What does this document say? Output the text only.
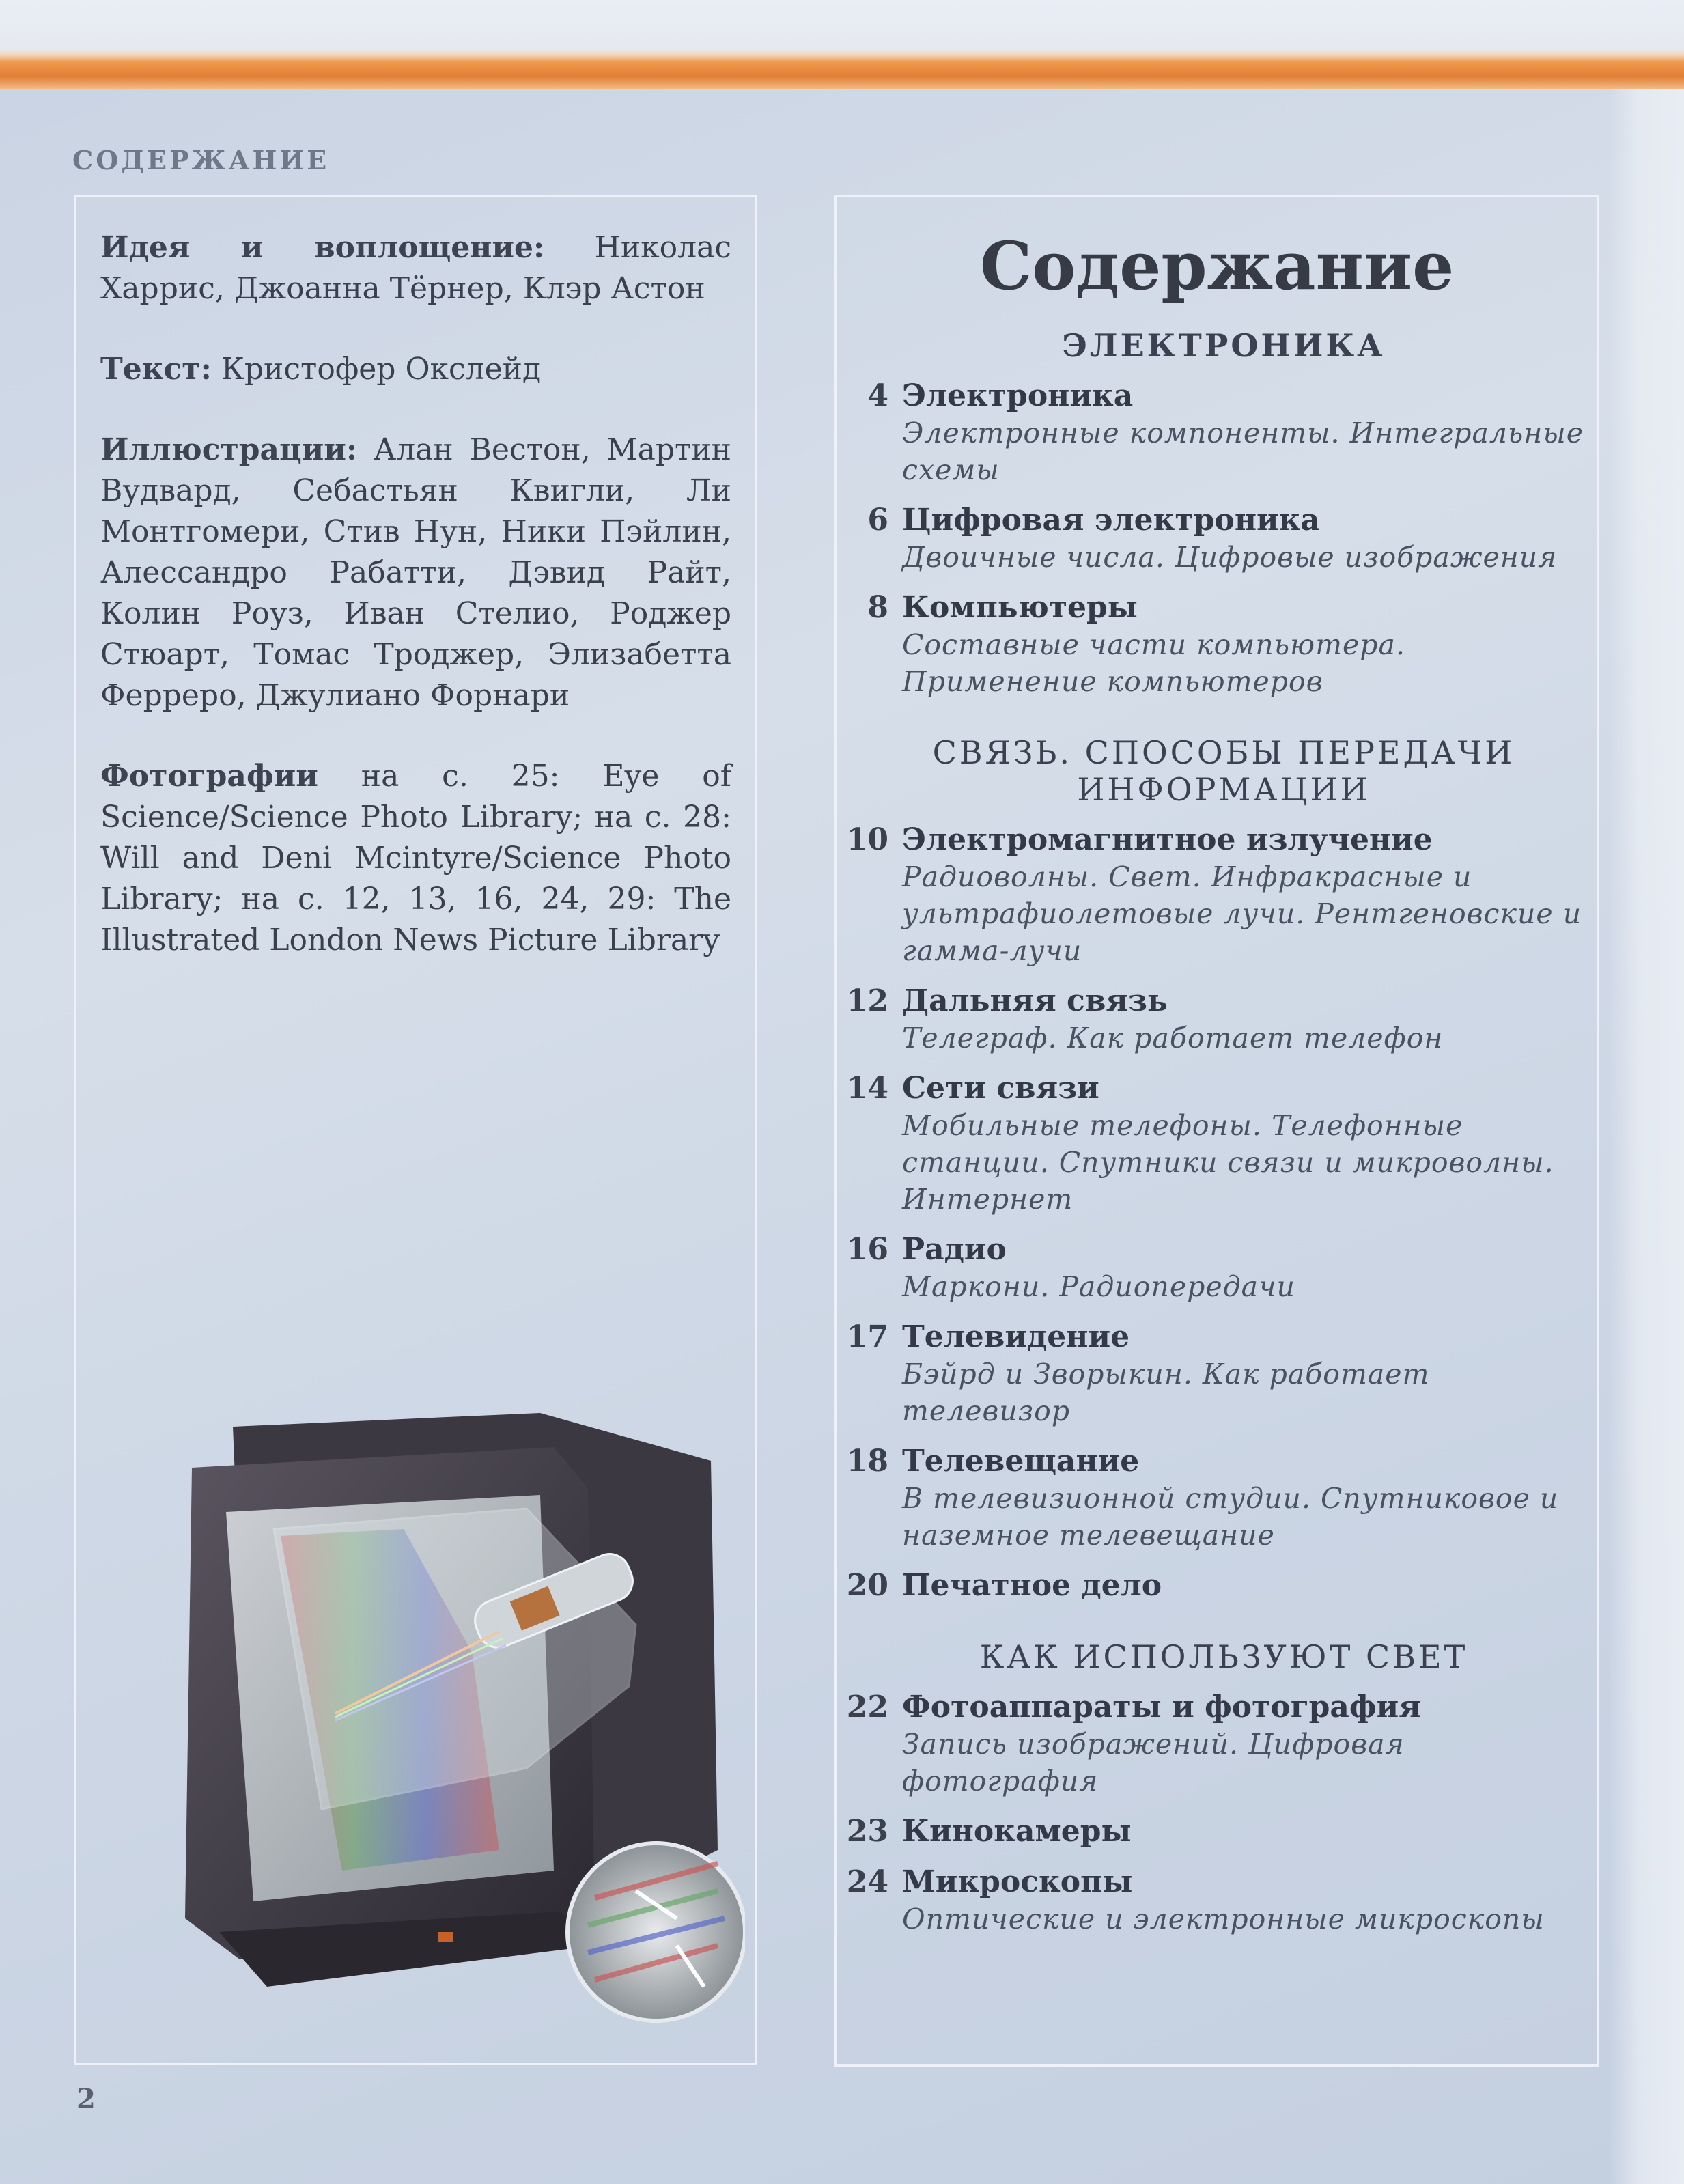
СОДЕРЖАНИЕ

Идея и воплощение: Николас Харрис, Джоанна Тёрнер, Клэр Астон

Текст: Кристофер Окслейд

Иллюстрации: Алан Вестон, Мартин Вудвард, Себастьян Квигли, Ли Монтгомери, Стив Нун, Ники Пэйлин, Алессандро Рабатти, Дэвид Райт, Колин Роуз, Иван Стелио, Роджер Стюарт, Томас Троджер, Элизабетта Ферреро, Джулиано Форнари

Фотографии на с. 25: Eye of Science/Science Photo Library; на с. 28: Will and Deni Mcintyre/Science Photo Library; на с. 12, 13, 16, 24, 29: The Illustrated London News Picture Library

Содержание
ЭЛЕКТРОНИКА
4 Электроника
Электронные компоненты. Интегральные схемы
6 Цифровая электроника
Двоичные числа. Цифровые изображения
8 Компьютеры
Составные части компьютера. Применение компьютеров
СВЯЗЬ. СПОСОБЫ ПЕРЕДАЧИ ИНФОРМАЦИИ
10 Электромагнитное излучение
Радиоволны. Свет. Инфракрасные и ультрафиолетовые лучи. Рентгеновские и гамма-лучи
12 Дальняя связь
Телеграф. Как работает телефон
14 Сети связи
Мобильные телефоны. Телефонные станции. Спутники связи и микроволны. Интернет
16 Радио
Маркони. Радиопередачи
17 Телевидение
Бэйрд и Зворыкин. Как работает телевизор
18 Телевещание
В телевизионной студии. Спутниковое и наземное телевещание
20 Печатное дело
КАК ИСПОЛЬЗУЮТ СВЕТ
22 Фотоаппараты и фотография
Запись изображений. Цифровая фотография
23 Кинокамеры
24 Микроскопы
Оптические и электронные микроскопы
2
